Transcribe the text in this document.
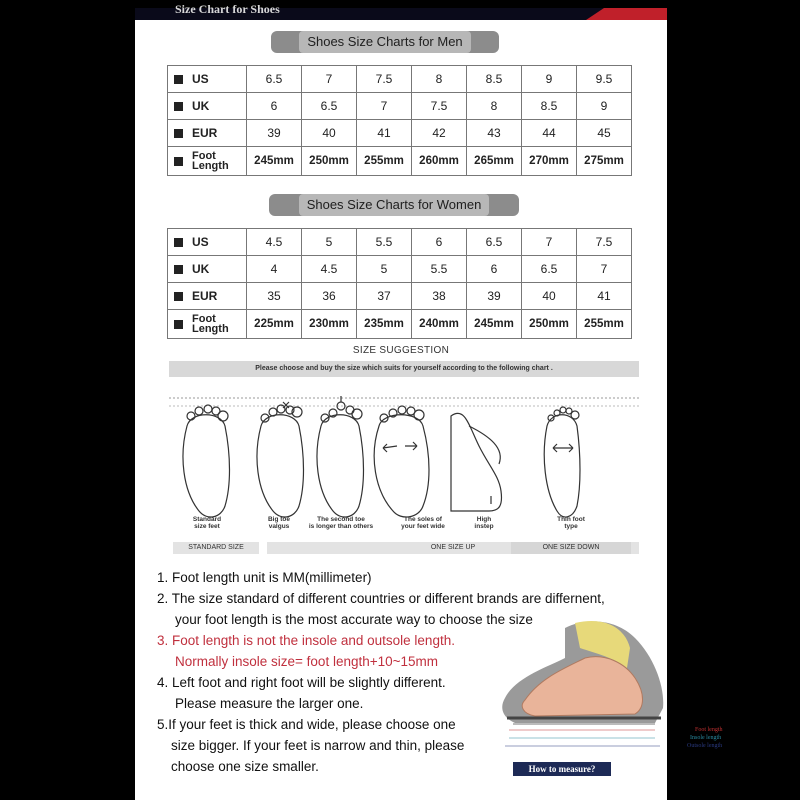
Size Chart for Shoes
Shoes Size Charts for Men
US	6.5	7	7.5	8	8.5	9	9.5
UK	6	6.5	7	7.5	8	8.5	9
EUR	39	40	41	42	43	44	45
Foot
Length	245mm	250mm	255mm	260mm	265mm	270mm	275mm
Shoes Size Charts for Women
US	4.5	5	5.5	6	6.5	7	7.5
UK	4	4.5	5	5.5	6	6.5	7
EUR	35	36	37	38	39	40	41
Foot
Length	225mm	230mm	235mm	240mm	245mm	250mm	255mm
SIZE SUGGESTION
Please choose and buy the size which suits for yourself according to the following chart .
Standard
size feet
Big toe
valgus
The second toe
is longer than others
The soles of
your feet wide
High
instep
Thin foot
type
STANDARD SIZE	ONE SIZE UP	ONE SIZE DOWN
1. Foot length unit is MM(millimeter)
2. The size standard of different countries or different brands are differnent,
your foot length is the most accurate way to choose the size
3. Foot length is not the insole and outsole length.
Normally insole size= foot length+10~15mm
4. Left foot and right foot will be slightly different.
Please measure the larger one.
5.If your feet is thick and wide, please choose one
size bigger. If your feet is narrow and thin, please
choose one size smaller.
Foot length
Insole length
Outsole length
How to measure?
